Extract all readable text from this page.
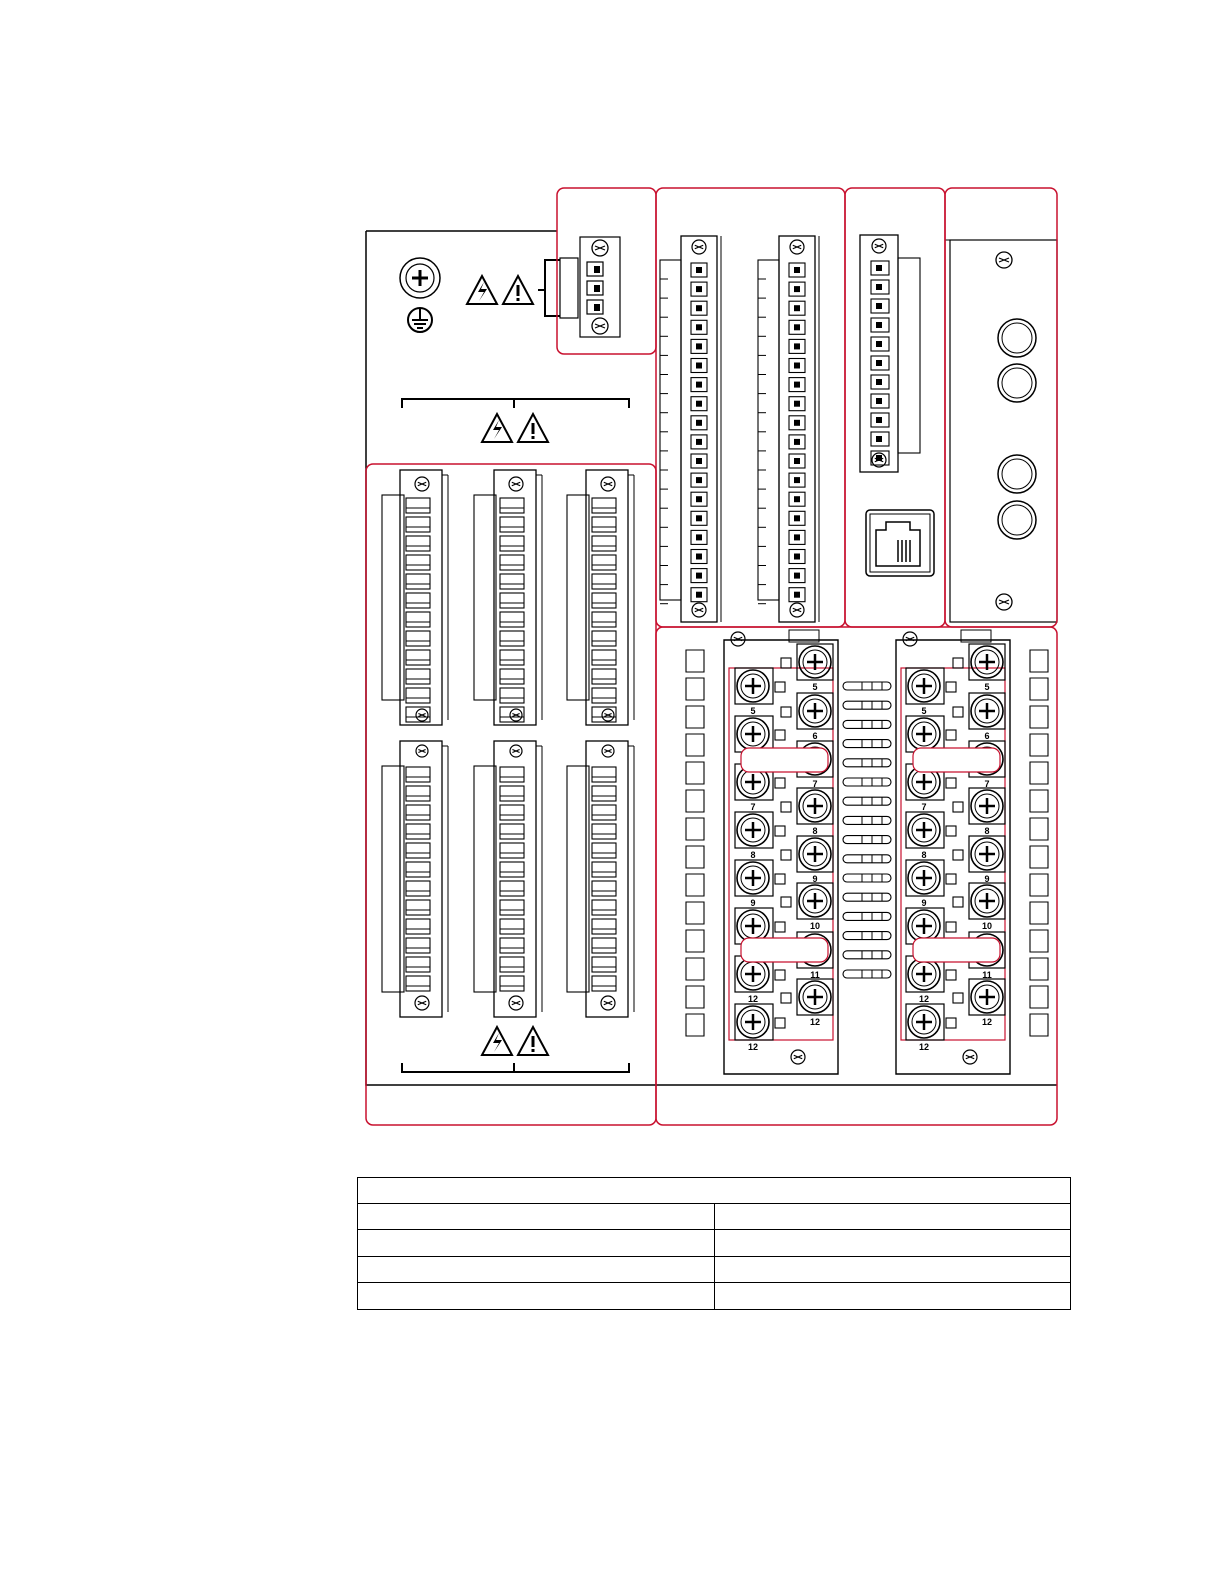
5
7
8
9
12
12
5
6
7
8
9
10
11
12
5
7
8
9
12
12
5
6
7
8
9
10
11
12
